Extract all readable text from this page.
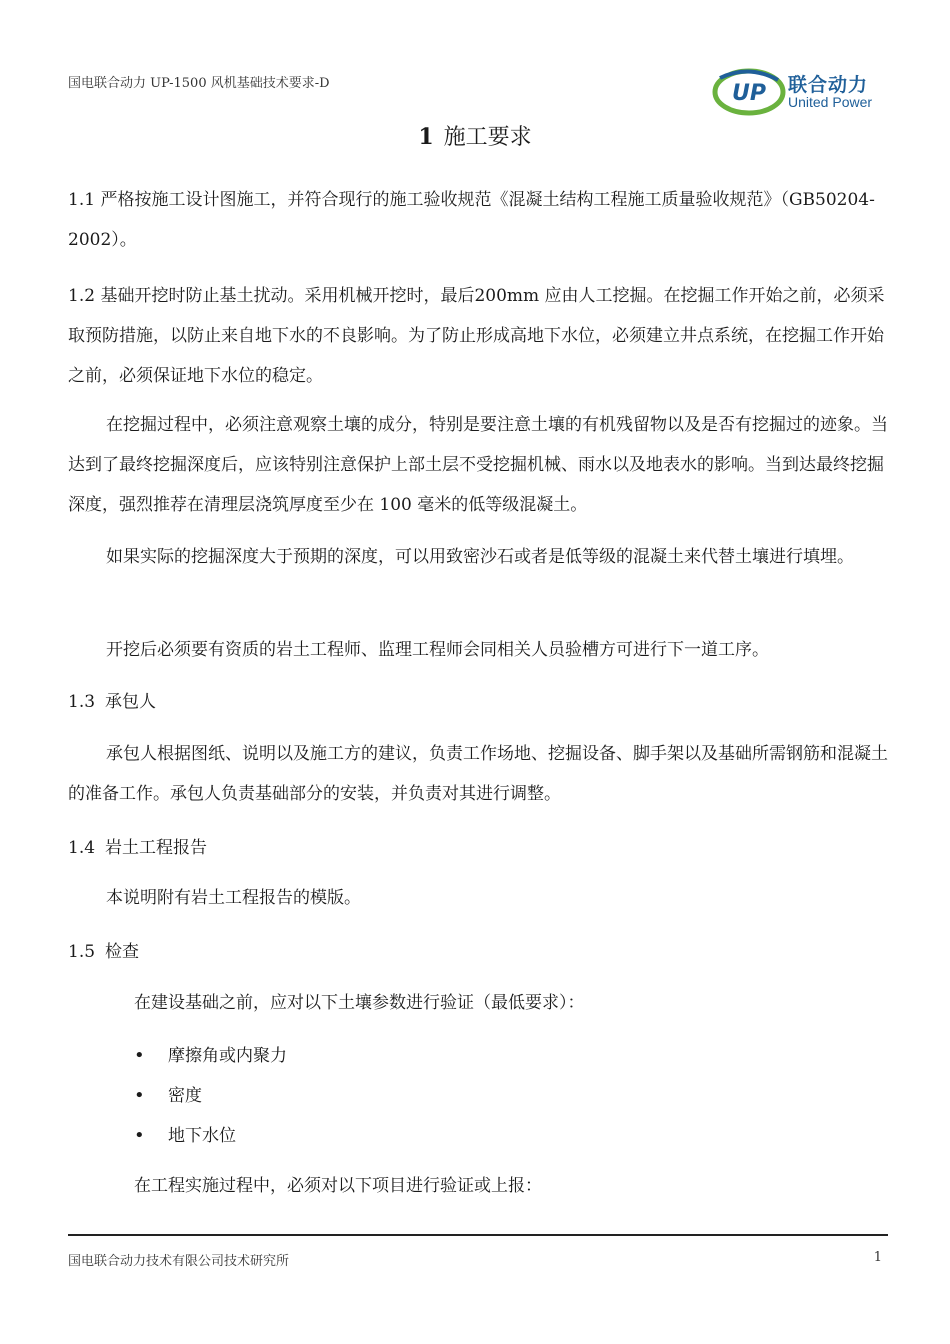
国电联合动力 UP-1500 风机基础技术要求-D	UP 联合动力
United Power
1 施工要求

1.1 严格按施工设计图施工，并符合现行的施工验收规范《混凝土结构工程施工质量验收规范》（GB50204-2002）。

1.2 基础开挖时防止基土扰动。采用机械开挖时，最后200mm 应由人工挖掘。在挖掘工作开始之前，必须采取预防措施，以防止来自地下水的不良影响。为了防止形成高地下水位，必须建立井点系统，在挖掘工作开始之前，必须保证地下水位的稳定。

在挖掘过程中，必须注意观察土壤的成分，特别是要注意土壤的有机残留物以及是否有挖掘过的迹象。当达到了最终挖掘深度后，应该特别注意保护上部土层不受挖掘机械、雨水以及地表水的影响。当到达最终挖掘深度，强烈推荐在清理层浇筑厚度至少在 100 毫米的低等级混凝土。

如果实际的挖掘深度大于预期的深度，可以用致密沙石或者是低等级的混凝土来代替土壤进行填埋。

开挖后必须要有资质的岩土工程师、监理工程师会同相关人员验槽方可进行下一道工序。

1.3 承包人

承包人根据图纸、说明以及施工方的建议，负责工作场地、挖掘设备、脚手架以及基础所需钢筋和混凝土的准备工作。承包人负责基础部分的安装，并负责对其进行调整。

1.4 岩土工程报告

本说明附有岩土工程报告的模版。

1.5 检查

在建设基础之前，应对以下土壤参数进行验证（最低要求）：

• 摩擦角或内聚力
• 密度
• 地下水位

在工程实施过程中，必须对以下项目进行验证或上报：

国电联合动力技术有限公司技术研究所	1
